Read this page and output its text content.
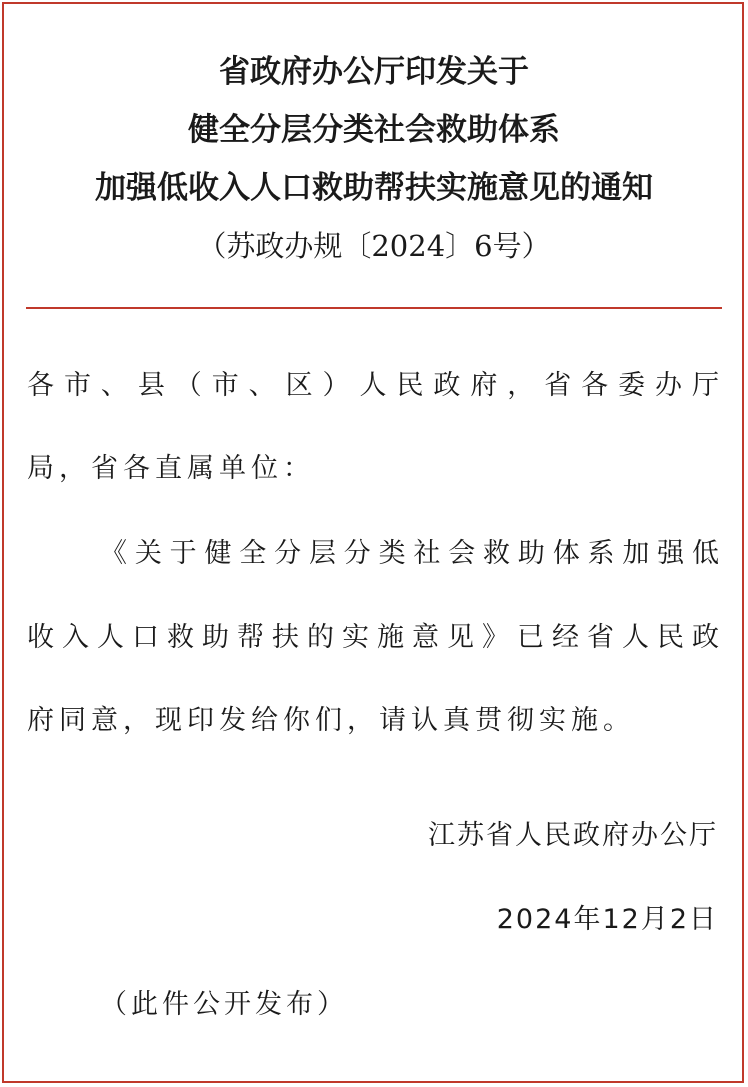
省政府办公厅印发关于
健全分层分类社会救助体系
加强低收入人口救助帮扶实施意见的通知
（苏政办规〔2024〕6号）
各市、县（市、区）人民政府，省各委办厅
局，省各直属单位：
《关于健全分层分类社会救助体系加强低
收入人口救助帮扶的实施意见》已经省人民政
府同意，现印发给你们，请认真贯彻实施。
江苏省人民政府办公厅
2024年12月2日
（此件公开发布）
